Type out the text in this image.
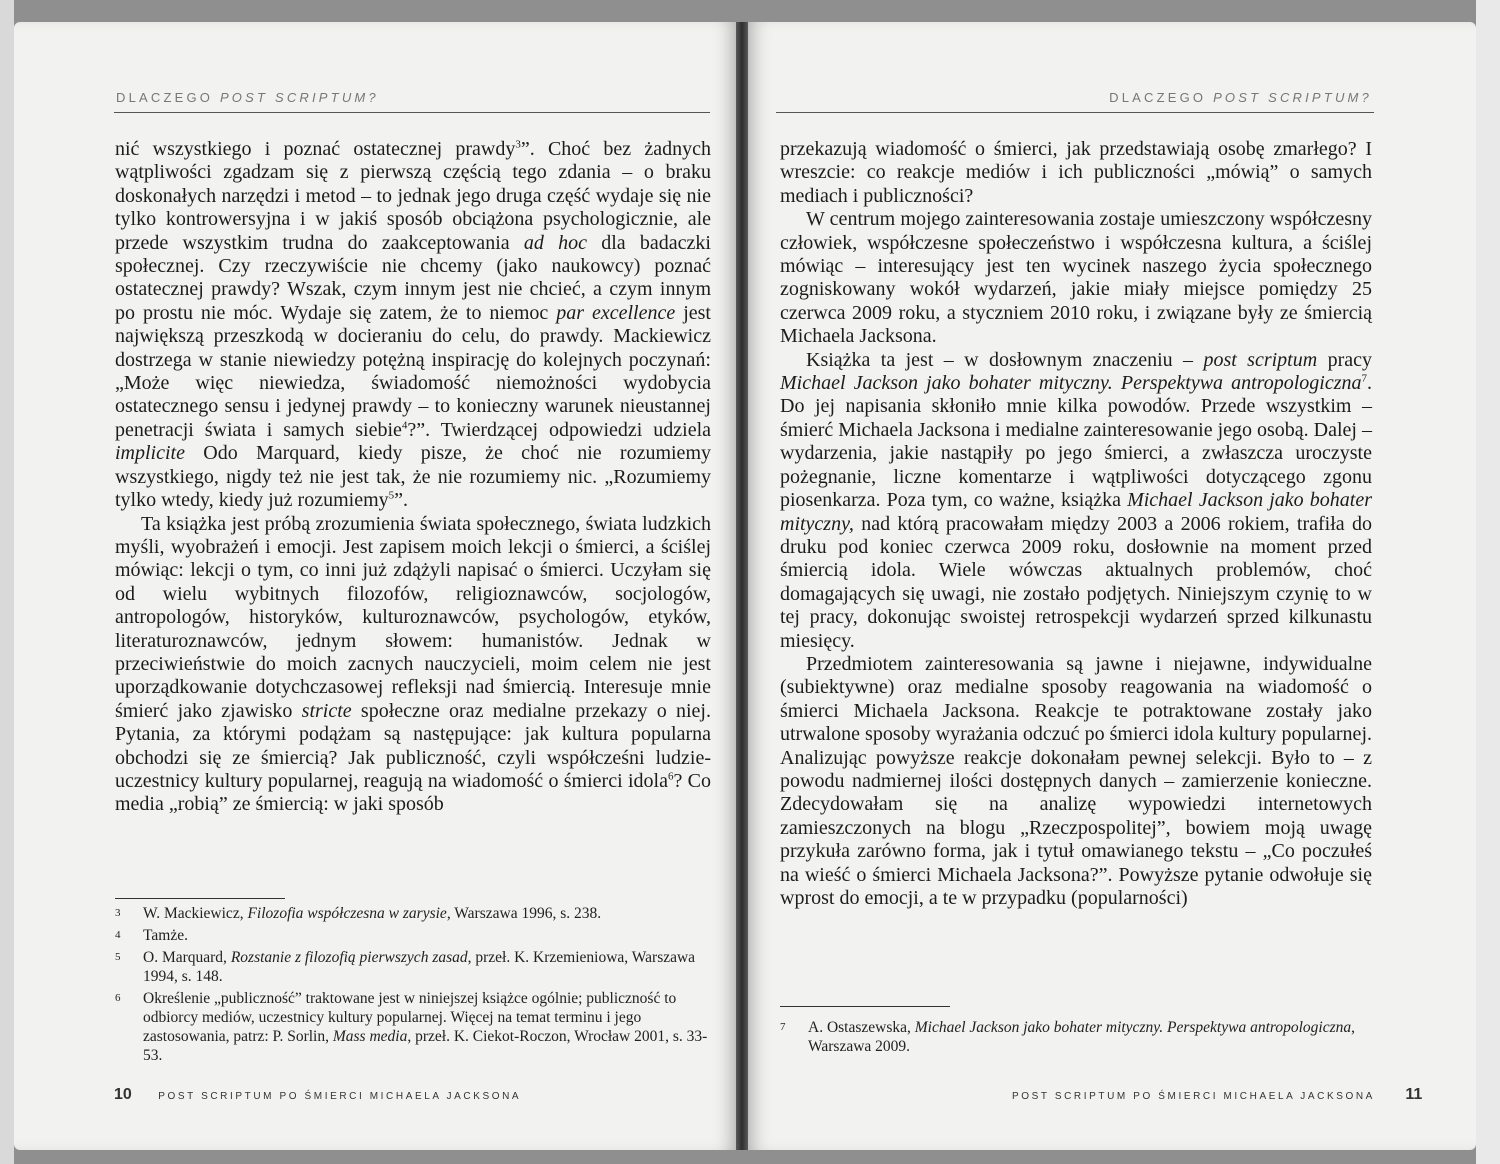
DLACZEGO POST SCRIPTUM?

nić wszystkiego i poznać ostatecznej prawdy$^3$”. Choć bez żadnych wątpliwości zgadzam się z pierwszą częścią tego zdania – o braku doskonałych narzędzi i metod – to jednak jego druga część wydaje się nie tylko kontrowersyjna i w jakiś sposób obciążona psychologicznie, ale przede wszystkim trudna do zaakceptowania ad hoc dla badaczki społecznej. Czy rzeczywiście nie chcemy (jako naukowcy) poznać ostatecznej prawdy? Wszak, czym innym jest nie chcieć, a czym innym po prostu nie móc. Wydaje się zatem, że to niemoc par excellence jest największą przeszkodą w docieraniu do celu, do prawdy. Mackiewicz dostrzega w stanie niewiedzy potężną inspirację do kolejnych poczynań: „Może więc niewiedza, świadomość niemożności wydobycia ostatecznego sensu i jedynej prawdy – to konieczny warunek nieustannej penetracji świata i samych siebie$^4$?”. Twierdzącej odpowiedzi udziela implicite Odo Marquard, kiedy pisze, że choć nie rozumiemy wszystkiego, nigdy też nie jest tak, że nie rozumiemy nic. „Rozumiemy tylko wtedy, kiedy już rozumiemy$^5$”.

Ta książka jest próbą zrozumienia świata społecznego, świata ludzkich myśli, wyobrażeń i emocji. Jest zapisem moich lekcji o śmierci, a ściślej mówiąc: lekcji o tym, co inni już zdążyli napisać o śmierci. Uczyłam się od wielu wybitnych filozofów, religioznawców, socjologów, antropologów, historyków, kulturoznawców, psychologów, etyków, literaturoznawców, jednym słowem: humanistów. Jednak w przeciwieństwie do moich zacnych nauczycieli, moim celem nie jest uporządkowanie dotychczasowej refleksji nad śmiercią. Interesuje mnie śmierć jako zjawisko stricte społeczne oraz medialne przekazy o niej. Pytania, za którymi podążam są następujące: jak kultura popularna obchodzi się ze śmiercią? Jak publiczność, czyli współcześni ludzie-uczestnicy kultury popularnej, reagują na wiadomość o śmierci idola$^6$? Co media „robią” ze śmiercią: w jaki sposób

3 W. Mackiewicz, Filozofia współczesna w zarysie, Warszawa 1996, s. 238.
4 Tamże.
5 O. Marquard, Rozstanie z filozofią pierwszych zasad, przeł. K. Krzemieniowa, Warszawa 1994, s. 148.
6 Określenie „publiczność” traktowane jest w niniejszej książce ogólnie; publiczność to odbiorcy mediów, uczestnicy kultury popularnej. Więcej na temat terminu i jego zastosowania, patrz: P. Sorlin, Mass media, przeł. K. Ciekot-Roczon, Wrocław 2001, s. 33-53.
10	POST SCRIPTUM PO ŚMIERCI MICHAELA JACKSONA
DLACZEGO POST SCRIPTUM?

przekazują wiadomość o śmierci, jak przedstawiają osobę zmarłego? I wreszcie: co reakcje mediów i ich publiczności „mówią” o samych mediach i publiczności?

W centrum mojego zainteresowania zostaje umieszczony współczesny człowiek, współczesne społeczeństwo i współczesna kultura, a ściślej mówiąc – interesujący jest ten wycinek naszego życia społecznego zogniskowany wokół wydarzeń, jakie miały miejsce pomiędzy 25 czerwca 2009 roku, a styczniem 2010 roku, i związane były ze śmiercią Michaela Jacksona.

Książka ta jest – w dosłownym znaczeniu – post scriptum pracy Michael Jackson jako bohater mityczny. Perspektywa antropologiczna$^7$. Do jej napisania skłoniło mnie kilka powodów. Przede wszystkim – śmierć Michaela Jacksona i medialne zainteresowanie jego osobą. Dalej – wydarzenia, jakie nastąpiły po jego śmierci, a zwłaszcza uroczyste pożegnanie, liczne komentarze i wątpliwości dotyczącego zgonu piosenkarza. Poza tym, co ważne, książka Michael Jackson jako bohater mityczny, nad którą pracowałam między 2003 a 2006 rokiem, trafiła do druku pod koniec czerwca 2009 roku, dosłownie na moment przed śmiercią idola. Wiele wówczas aktualnych problemów, choć domagających się uwagi, nie zostało podjętych. Niniejszym czynię to w tej pracy, dokonując swoistej retrospekcji wydarzeń sprzed kilkunastu miesięcy.

Przedmiotem zainteresowania są jawne i niejawne, indywidualne (subiektywne) oraz medialne sposoby reagowania na wiadomość o śmierci Michaela Jacksona. Reakcje te potraktowane zostały jako utrwalone sposoby wyrażania odczuć po śmierci idola kultury popularnej. Analizując powyższe reakcje dokonałam pewnej selekcji. Było to – z powodu nadmiernej ilości dostępnych danych – zamierzenie konieczne. Zdecydowałam się na analizę wypowiedzi internetowych zamieszczonych na blogu „Rzeczpospolitej”, bowiem moją uwagę przykuła zarówno forma, jak i tytuł omawianego tekstu – „Co poczułeś na wieść o śmierci Michaela Jacksona?”. Powyższe pytanie odwołuje się wprost do emocji, a te w przypadku (popularności)

7 A. Ostaszewska, Michael Jackson jako bohater mityczny. Perspektywa antropologiczna, Warszawa 2009.
POST SCRIPTUM PO ŚMIERCI MICHAELA JACKSONA 11
